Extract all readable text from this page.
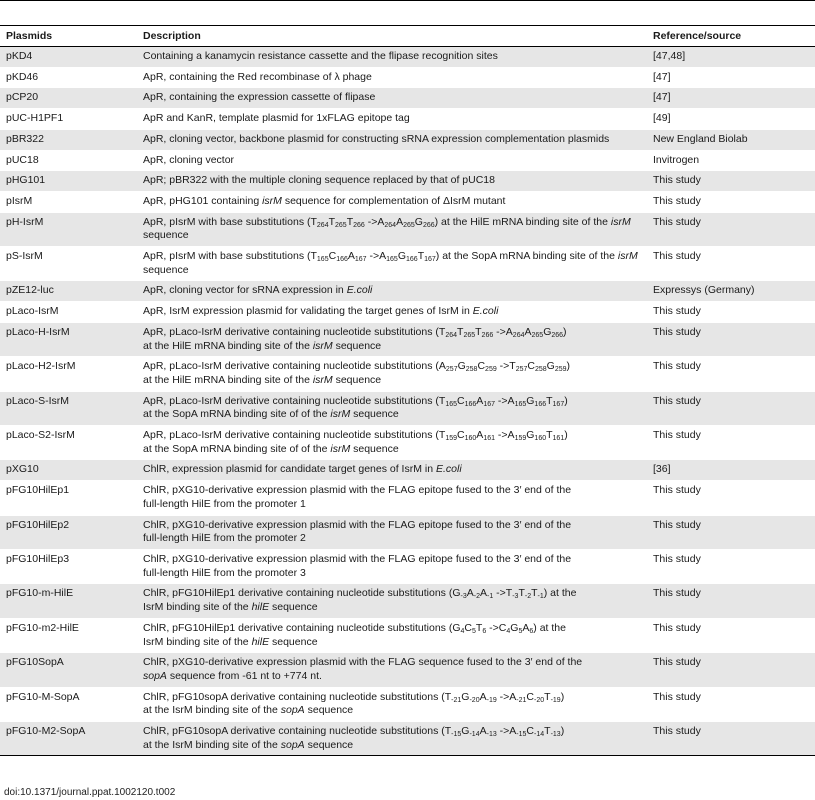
Plasmids	Description	Reference/source
pKD4	Containing a kanamycin resistance cassette and the flipase recognition sites	[47,48]
pKD46	ApR, containing the Red recombinase of λ phage	[47]
pCP20	ApR, containing the expression cassette of flipase	[47]
pUC-H1PF1	ApR and KanR, template plasmid for 1xFLAG epitope tag	[49]
pBR322	ApR, cloning vector, backbone plasmid for constructing sRNA expression complementation plasmids	New England Biolab
pUC18	ApR, cloning vector	Invitrogen
pHG101	ApR; pBR322 with the multiple cloning sequence replaced by that of pUC18	This study
pIsrM	ApR, pHG101 containing isrM sequence for complementation of ΔIsrM mutant	This study
pH-IsrM	ApR, pIsrM with base substitutions ($T_{264}T_{265}T_{266}$ $->A_{264}A_{265}G_{266}$) at the HilE mRNA binding site of the isrM sequence	This study
pS-IsrM	ApR, pIsrM with base substitutions ($T_{165}C_{166}A_{167}$ $->A_{165}G_{166}T_{167}$) at the SopA mRNA binding site of the isrM sequence	This study
pZE12-luc	ApR, cloning vector for sRNA expression in E.coli	Expressys (Germany)
pLaco-IsrM	ApR, IsrM expression plasmid for validating the target genes of IsrM in E.coli	This study
pLaco-H-IsrM	ApR, pLaco-IsrM derivative containing nucleotide substitutions ($T_{264}T_{265}T_{266}$ $->A_{264}A_{265}G_{266}$)
at the HilE mRNA binding site of the isrM sequence	This study
pLaco-H2-IsrM	ApR, pLaco-IsrM derivative containing nucleotide substitutions ($A_{257}G_{258}C_{259}$ $->T_{257}C_{258}G_{259}$)
at the HilE mRNA binding site of the isrM sequence	This study
pLaco-S-IsrM	ApR, pLaco-IsrM derivative containing nucleotide substitutions ($T_{165}C_{166}A_{167}$ $->A_{165}G_{166}T_{167}$)
at the SopA mRNA binding site of of the isrM sequence	This study
pLaco-S2-IsrM	ApR, pLaco-IsrM derivative containing nucleotide substitutions ($T_{159}C_{160}A_{161}$ $->A_{159}G_{160}T_{161}$)
at the SopA mRNA binding site of of the isrM sequence	This study
pXG10	ChlR, expression plasmid for candidate target genes of IsrM in E.coli	[36]
pFG10HilEp1	ChlR, pXG10-derivative expression plasmid with the FLAG epitope fused to the 3′ end of the
full-length HilE from the promoter 1	This study
pFG10HilEp2	ChlR, pXG10-derivative expression plasmid with the FLAG epitope fused to the 3′ end of the
full-length HilE from the promoter 2	This study
pFG10HilEp3	ChlR, pXG10-derivative expression plasmid with the FLAG epitope fused to the 3′ end of the
full-length HilE from the promoter 3	This study
pFG10-m-HilE	ChlR, pFG10HilEp1 derivative containing nucleotide substitutions ($G_{-3}A_{-2}A_{-1}$ $->T_{-3}T_{-2}T_{-1}$) at the
IsrM binding site of the hilE sequence	This study
pFG10-m2-HilE	ChlR, pFG10HilEp1 derivative containing nucleotide substitutions ($G_4C_5T_6$ $->C_4G_5A_6$) at the
IsrM binding site of the hilE sequence	This study
pFG10SopA	ChlR, pXG10-derivative expression plasmid with the FLAG sequence fused to the 3′ end of the
sopA sequence from -61 nt to +774 nt.	This study
pFG10-M-SopA	ChlR, pFG10sopA derivative containing nucleotide substitutions ($T_{-21}G_{-20}A_{-19}$ $->A_{-21}C_{-20}T_{-19}$)
at the IsrM binding site of the sopA sequence	This study
pFG10-M2-SopA	ChlR, pFG10sopA derivative containing nucleotide substitutions ($T_{-15}G_{-14}A_{-13}$ $->A_{-15}C_{-14}T_{-13}$)
at the IsrM binding site of the sopA sequence	This study
doi:10.1371/journal.ppat.1002120.t002
